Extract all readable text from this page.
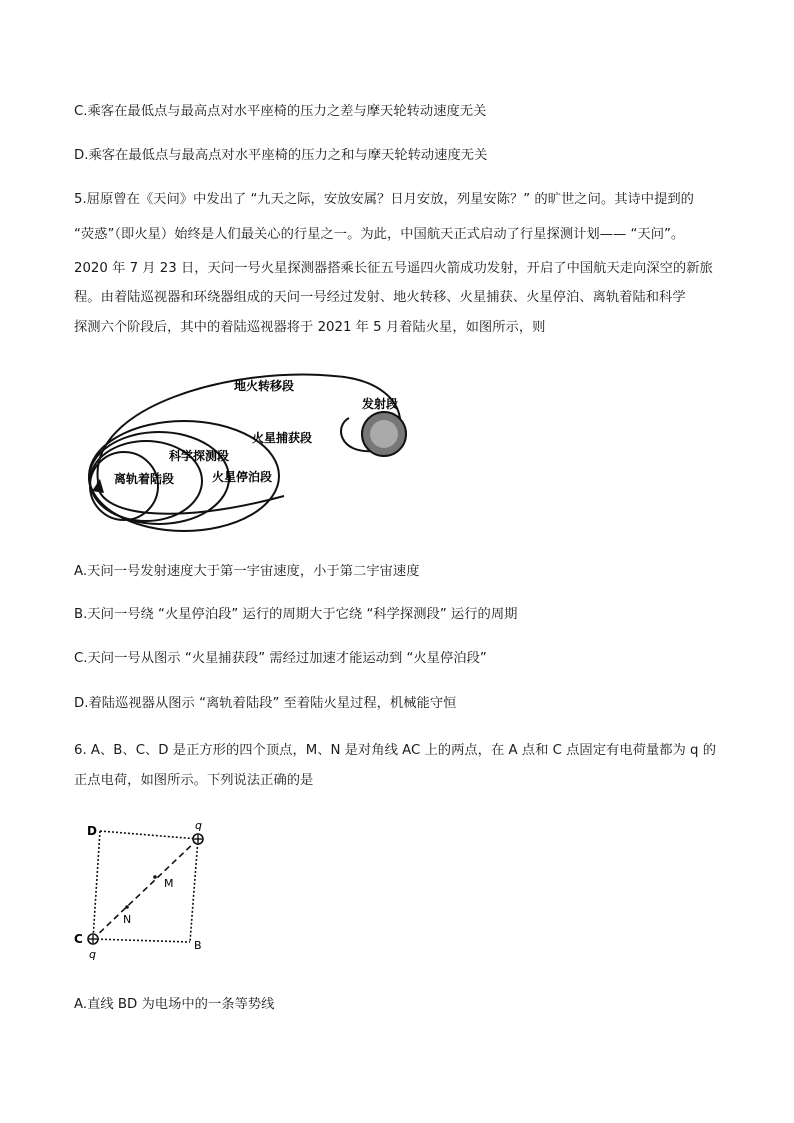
C.乘客在最低点与最高点对水平座椅的压力之差与摩天轮转动速度无关
D.乘客在最低点与最高点对水平座椅的压力之和与摩天轮转动速度无关
5.屈原曾在《天问》中发出了 “九天之际，安放安属？日月安放，列星安陈？” 的旷世之问。其诗中提到的
“荧惑”（即火星）始终是人们最关心的行星之一。为此，中国航天正式启动了行星探测计划—— “天问”。
2020 年 7 月 23 日，天问一号火星探测器搭乘长征五号遥四火箭成功发射，开启了中国航天走向深空的新旅
程。由着陆巡视器和环绕器组成的天问一号经过发射、地火转移、火星捕获、火星停泊、离轨着陆和科学
探测六个阶段后，其中的着陆巡视器将于 2021 年 5 月着陆火星，如图所示，则
地火转移段
发射段
火星捕获段
科学探测段
离轨着陆段	火星停泊段
A.天问一号发射速度大于第一宇宙速度，小于第二宇宙速度
B.天问一号绕 “火星停泊段” 运行的周期大于它绕 “科学探测段” 运行的周期
C.天问一号从图示 “火星捕获段” 需经过加速才能运动到 “火星停泊段”
D.着陆巡视器从图示 “离轨着陆段” 至着陆火星过程，机械能守恒
6. A、B、C、D 是正方形的四个顶点，M、N 是对角线 AC 上的两点，在 A 点和 C 点固定有电荷量都为 q 的
正点电荷，如图所示。下列说法正确的是
D
C	B
M
N
q
q
A.直线 BD 为电场中的一条等势线
